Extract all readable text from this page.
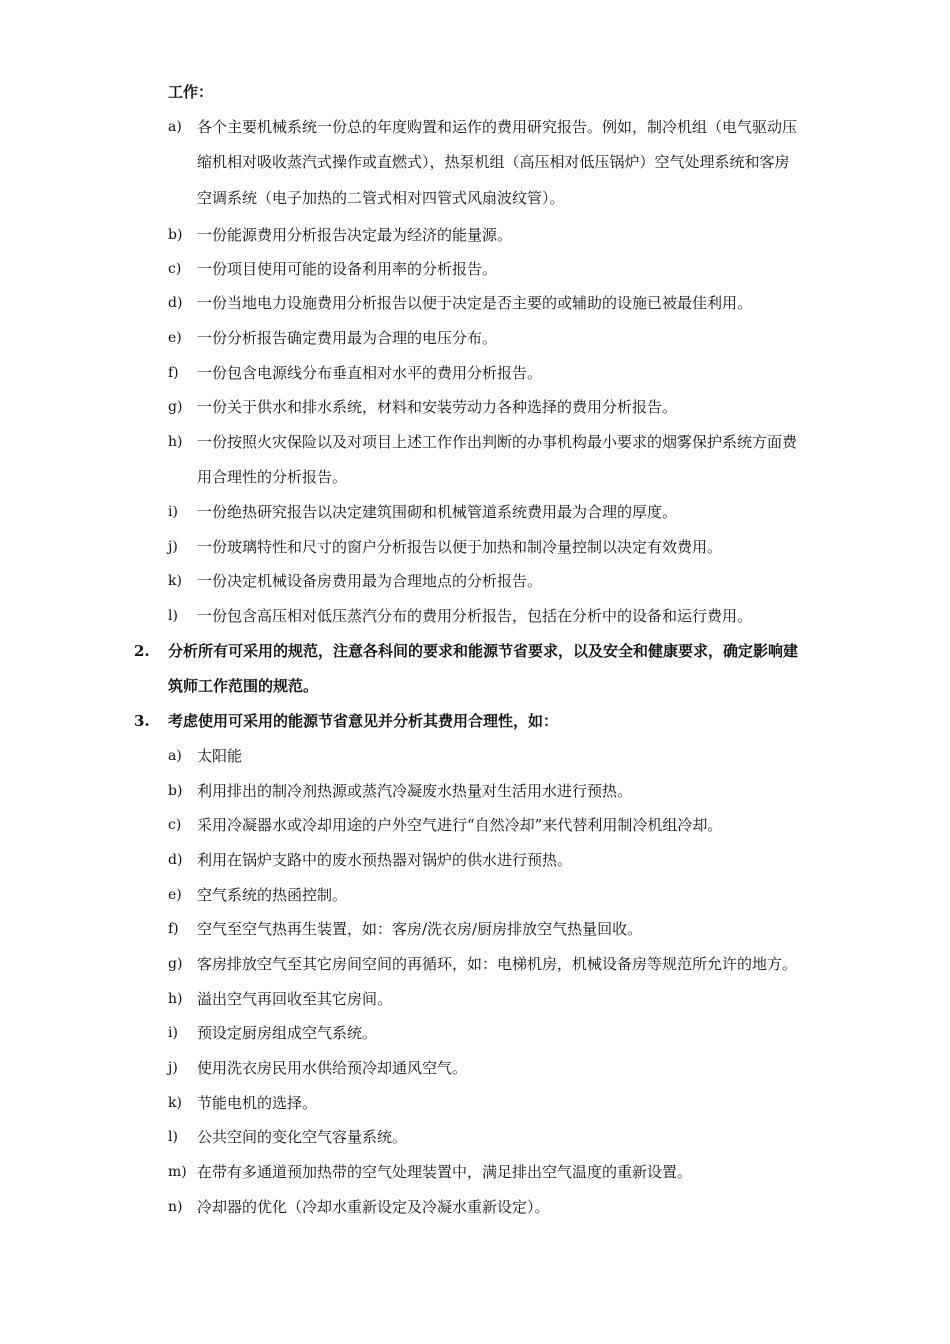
工作：
a) 各个主要机械系统一份总的年度购置和运作的费用研究报告。例如，制冷机组（电气驱动压
缩机相对吸收蒸汽式操作或直燃式），热泵机组（高压相对低压锅炉）空气处理系统和客房
空调系统（电子加热的二管式相对四管式风扇波纹管）。
b) 一份能源费用分析报告决定最为经济的能量源。
c) 一份项目使用可能的设备利用率的分析报告。
d) 一份当地电力设施费用分析报告以便于决定是否主要的或辅助的设施已被最佳利用。
e) 一份分析报告确定费用最为合理的电压分布。
f) 一份包含电源线分布垂直相对水平的费用分析报告。
g) 一份关于供水和排水系统，材料和安装劳动力各种选择的费用分析报告。
h) 一份按照火灾保险以及对项目上述工作作出判断的办事机构最小要求的烟雾保护系统方面费
用合理性的分析报告。
i) 一份绝热研究报告以决定建筑围砌和机械管道系统费用最为合理的厚度。
j) 一份玻璃特性和尺寸的窗户分析报告以便于加热和制冷量控制以决定有效费用。
k) 一份决定机械设备房费用最为合理地点的分析报告。
l) 一份包含高压相对低压蒸汽分布的费用分析报告，包括在分析中的设备和运行费用。
2. 分析所有可采用的规范，注意各科间的要求和能源节省要求，以及安全和健康要求，确定影响建
筑师工作范围的规范。
3. 考虑使用可采用的能源节省意见并分析其费用合理性，如：
a) 太阳能
b) 利用排出的制冷剂热源或蒸汽冷凝废水热量对生活用水进行预热。
c) 采用冷凝器水或冷却用途的户外空气进行“自然冷却”来代替利用制冷机组冷却。
d) 利用在锅炉支路中的废水预热器对锅炉的供水进行预热。
e) 空气系统的热函控制。
f) 空气至空气热再生装置，如：客房/洗衣房/厨房排放空气热量回收。
g) 客房排放空气至其它房间空间的再循环，如：电梯机房，机械设备房等规范所允许的地方。
h) 溢出空气再回收至其它房间。
i) 预设定厨房组成空气系统。
j) 使用洗衣房民用水供给预冷却通风空气。
k) 节能电机的选择。
l) 公共空间的变化空气容量系统。
m) 在带有多通道预加热带的空气处理装置中，满足排出空气温度的重新设置。
n) 冷却器的优化（冷却水重新设定及冷凝水重新设定）。
